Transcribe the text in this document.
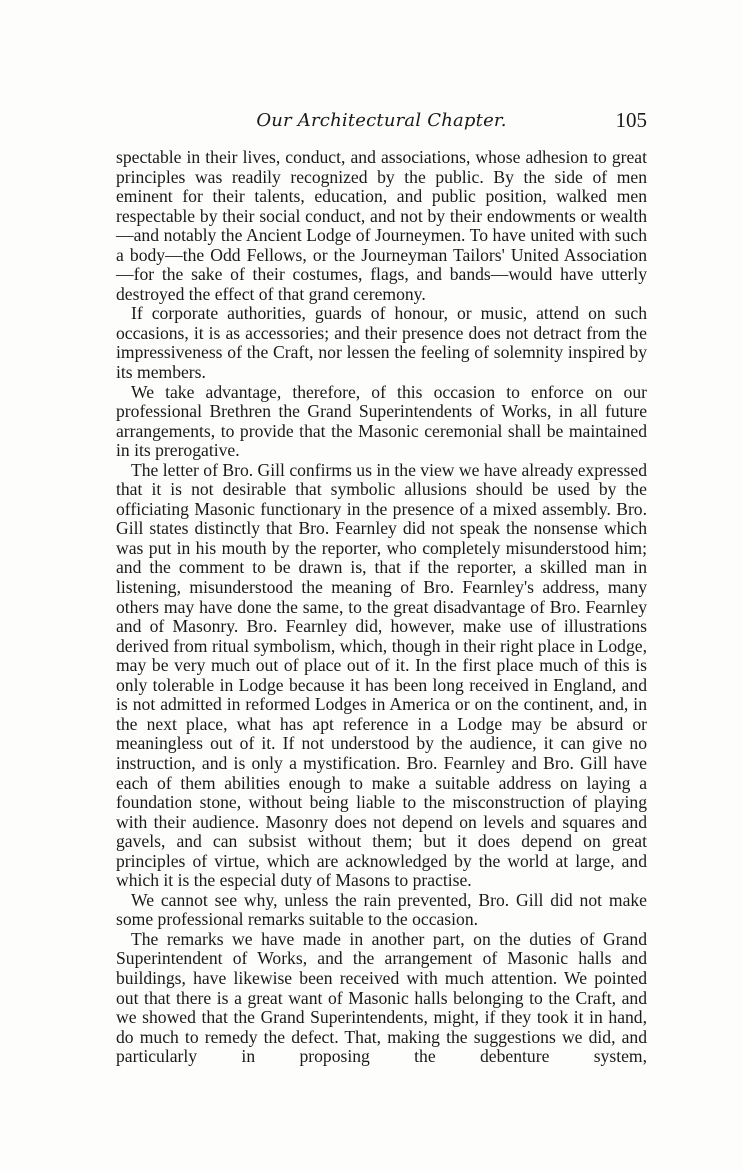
Our Architectural Chapter.	105

spectable in their lives, conduct, and associations, whose adhesion to great principles was readily recognized by the public. By the side of men eminent for their talents, education, and public position, walked men respectable by their social conduct, and not by their endowments or wealth—and notably the Ancient Lodge of Journeymen. To have united with such a body—the Odd Fellows, or the Journeyman Tailors' United Association—for the sake of their costumes, flags, and bands—would have utterly destroyed the effect of that grand ceremony.

If corporate authorities, guards of honour, or music, attend on such occasions, it is as accessories; and their presence does not detract from the impressiveness of the Craft, nor lessen the feeling of solemnity inspired by its members.

We take advantage, therefore, of this occasion to enforce on our professional Brethren the Grand Superintendents of Works, in all future arrangements, to provide that the Masonic ceremonial shall be maintained in its prerogative.

The letter of Bro. Gill confirms us in the view we have already expressed that it is not desirable that symbolic allusions should be used by the officiating Masonic functionary in the presence of a mixed assembly. Bro. Gill states distinctly that Bro. Fearnley did not speak the nonsense which was put in his mouth by the reporter, who completely misunderstood him; and the comment to be drawn is, that if the reporter, a skilled man in listening, misunderstood the meaning of Bro. Fearnley's address, many others may have done the same, to the great disadvantage of Bro. Fearnley and of Masonry. Bro. Fearnley did, however, make use of illustrations derived from ritual symbolism, which, though in their right place in Lodge, may be very much out of place out of it. In the first place much of this is only tolerable in Lodge because it has been long received in England, and is not admitted in reformed Lodges in America or on the continent, and, in the next place, what has apt reference in a Lodge may be absurd or meaningless out of it. If not understood by the audience, it can give no instruction, and is only a mystification. Bro. Fearnley and Bro. Gill have each of them abilities enough to make a suitable address on laying a foundation stone, without being liable to the misconstruction of playing with their audience. Masonry does not depend on levels and squares and gavels, and can subsist without them; but it does depend on great principles of virtue, which are acknowledged by the world at large, and which it is the especial duty of Masons to practise.

We cannot see why, unless the rain prevented, Bro. Gill did not make some professional remarks suitable to the occasion.

The remarks we have made in another part, on the duties of Grand Superintendent of Works, and the arrangement of Masonic halls and buildings, have likewise been received with much attention. We pointed out that there is a great want of Masonic halls belonging to the Craft, and we showed that the Grand Superintendents, might, if they took it in hand, do much to remedy the defect. That, making the suggestions we did, and particularly in proposing the debenture system,
